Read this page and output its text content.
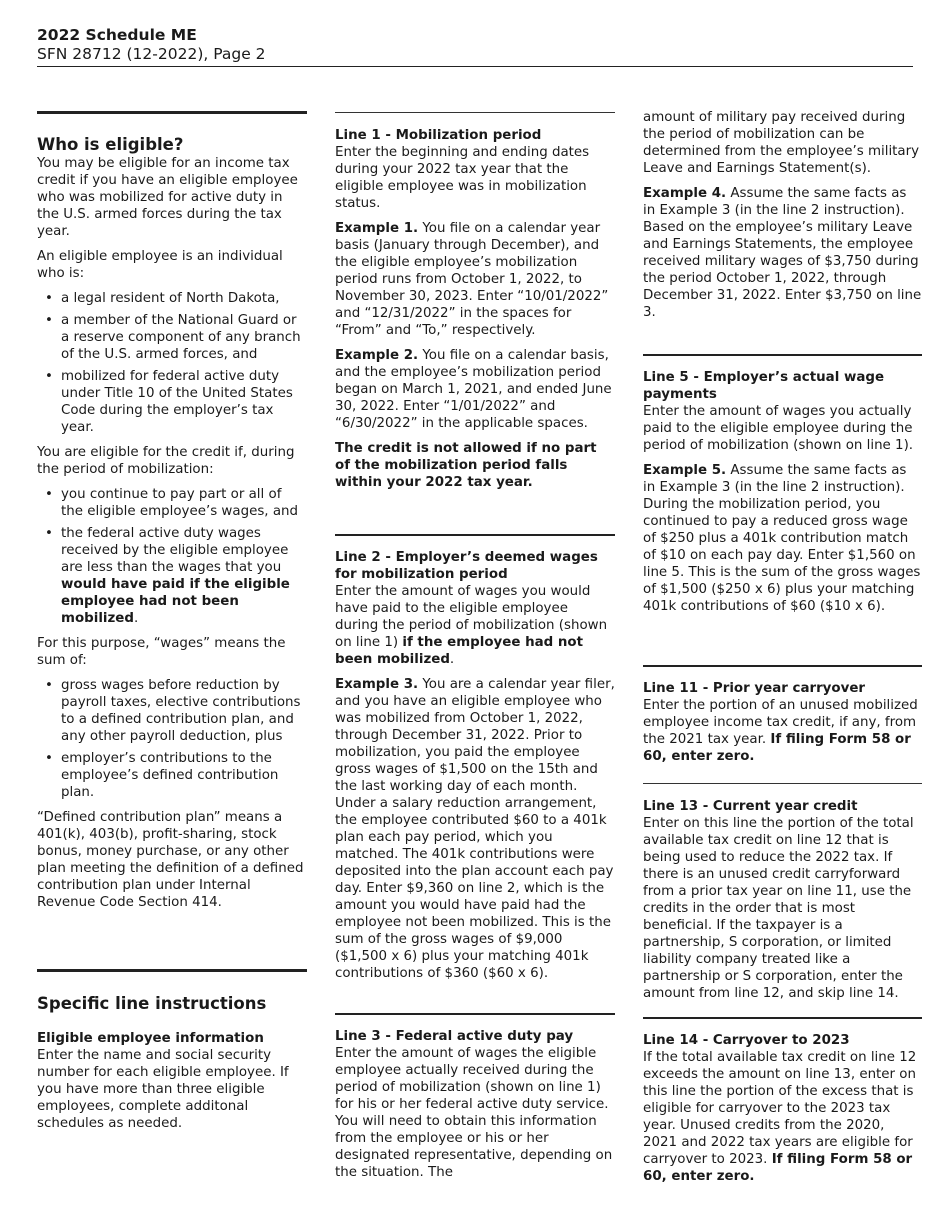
2022 Schedule ME
SFN 28712 (12-2022), Page 2
Who is eligible?

You may be eligible for an income tax credit if you have an eligible employee who was mobilized for active duty in the U.S. armed forces during the tax year.

An eligible employee is an individual who is:

• a legal resident of North Dakota,
• a member of the National Guard or a reserve component of any branch of the U.S. armed forces, and
• mobilized for federal active duty under Title 10 of the United States Code during the employer’s tax year.

You are eligible for the credit if, during the period of mobilization:

• you continue to pay part or all of the eligible employee’s wages, and
• the federal active duty wages received by the eligible employee are less than the wages that you would have paid if the eligible employee had not been mobilized.

For this purpose, “wages” means the sum of:

• gross wages before reduction by payroll taxes, elective contributions to a defined contribution plan, and any other payroll deduction, plus
• employer’s contributions to the employee’s defined contribution plan.

“Defined contribution plan” means a 401(k), 403(b), profit-sharing, stock bonus, money purchase, or any other plan meeting the definition of a defined contribution plan under Internal Revenue Code Section 414.

Specific line instructions
Eligible employee information

Enter the name and social security number for each eligible employee. If you have more than three eligible employees, complete additonal schedules as needed.

Line 1 - Mobilization period

Enter the beginning and ending dates during your 2022 tax year that the eligible employee was in mobilization status.

Example 1. You file on a calendar year basis (January through December), and the eligible employee’s mobilization period runs from October 1, 2022, to November 30, 2023. Enter “10/01/2022” and “12/31/2022” in the spaces for “From” and “To,” respectively.

Example 2. You file on a calendar basis, and the employee’s mobilization period began on March 1, 2021, and ended June 30, 2022. Enter “1/01/2022” and “6/30/2022” in the applicable spaces.

The credit is not allowed if no part of the mobilization period falls within your 2022 tax year.

Line 2 - Employer’s deemed wages for mobilization period

Enter the amount of wages you would have paid to the eligible employee during the period of mobilization (shown on line 1) if the employee had not been mobilized.

Example 3. You are a calendar year filer, and you have an eligible employee who was mobilized from October 1, 2022, through December 31, 2022. Prior to mobilization, you paid the employee gross wages of $1,500 on the 15th and the last working day of each month. Under a salary reduction arrangement, the employee contributed $60 to a 401k plan each pay period, which you matched. The 401k contributions were deposited into the plan account each pay day. Enter $9,360 on line 2, which is the amount you would have paid had the employee not been mobilized. This is the sum of the gross wages of $9,000 ($1,500 x 6) plus your matching 401k contributions of $360 ($60 x 6).

Line 3 - Federal active duty pay

Enter the amount of wages the eligible employee actually received during the period of mobilization (shown on line 1) for his or her federal active duty service. You will need to obtain this information from the employee or his or her designated representative, depending on the situation. The

amount of military pay received during the period of mobilization can be determined from the employee’s military Leave and Earnings Statement(s).

Example 4. Assume the same facts as in Example 3 (in the line 2 instruction). Based on the employee’s military Leave and Earnings Statements, the employee received military wages of $3,750 during the period October 1, 2022, through December 31, 2022. Enter $3,750 on line 3.

Line 5 - Employer’s actual wage payments

Enter the amount of wages you actually paid to the eligible employee during the period of mobilization (shown on line 1).

Example 5. Assume the same facts as in Example 3 (in the line 2 instruction). During the mobilization period, you continued to pay a reduced gross wage of $250 plus a 401k contribution match of $10 on each pay day. Enter $1,560 on line 5. This is the sum of the gross wages of $1,500 ($250 x 6) plus your matching 401k contributions of $60 ($10 x 6).

Line 11 - Prior year carryover

Enter the portion of an unused mobilized employee income tax credit, if any, from the 2021 tax year. If filing Form 58 or 60, enter zero.

Line 13 - Current year credit

Enter on this line the portion of the total available tax credit on line 12 that is being used to reduce the 2022 tax. If there is an unused credit carryforward from a prior tax year on line 11, use the credits in the order that is most beneficial. If the taxpayer is a partnership, S corporation, or limited liability company treated like a partnership or S corporation, enter the amount from line 12, and skip line 14.

Line 14 - Carryover to 2023

If the total available tax credit on line 12 exceeds the amount on line 13, enter on this line the portion of the excess that is eligible for carryover to the 2023 tax year. Unused credits from the 2020, 2021 and 2022 tax years are eligible for carryover to 2023. If filing Form 58 or 60, enter zero.
